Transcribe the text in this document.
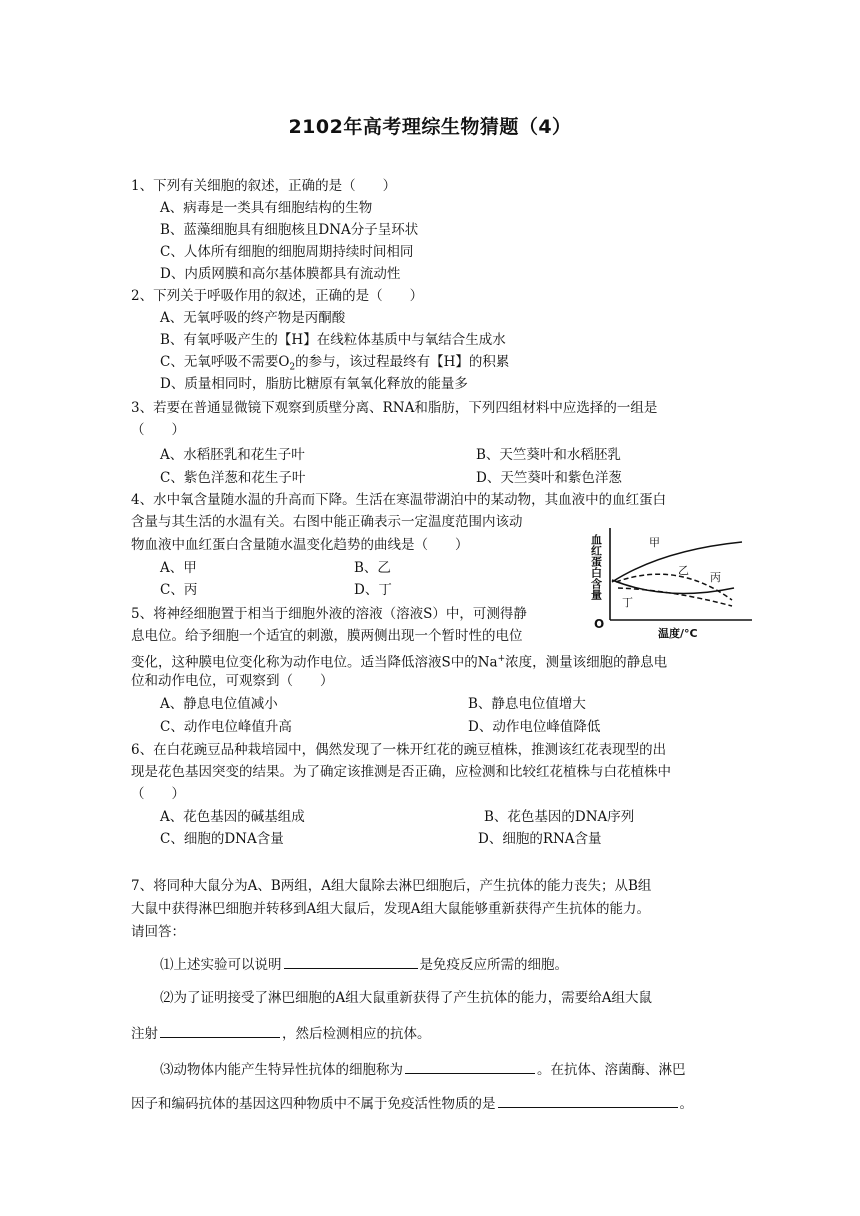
2102年高考理综生物猜题（4）
1、下列有关细胞的叙述，正确的是（　　）
A、病毒是一类具有细胞结构的生物
B、蓝藻细胞具有细胞核且DNA分子呈环状
C、人体所有细胞的细胞周期持续时间相同
D、内质网膜和高尔基体膜都具有流动性
2、下列关于呼吸作用的叙述，正确的是（　　）
A、无氧呼吸的终产物是丙酮酸
B、有氧呼吸产生的【H】在线粒体基质中与氧结合生成水
C、无氧呼吸不需要$O_2$的参与，该过程最终有【H】的积累
D、质量相同时，脂肪比糖原有氧氧化释放的能量多
3、若要在普通显微镜下观察到质壁分离、RNA和脂肪，下列四组材料中应选择的一组是
（　　）
A、水稻胚乳和花生子叶	B、天竺葵叶和水稻胚乳
C、紫色洋葱和花生子叶	D、天竺葵叶和紫色洋葱
4、水中氧含量随水温的升高而下降。生活在寒温带湖泊中的某动物，其血液中的血红蛋白
含量与其生活的水温有关。右图中能正确表示一定温度范围内该动
物血液中血红蛋白含量随水温变化趋势的曲线是（　　）
A、甲	B、乙
C、丙	D、丁	血红蛋白含量
O
温度/°C
甲
乙
丙
丁
5、将神经细胞置于相当于细胞外液的溶液（溶液S）中，可测得静
息电位。给予细胞一个适宜的刺激，膜两侧出现一个暂时性的电位
变化，这种膜电位变化称为动作电位。适当降低溶液S中的Na+浓度，测量该细胞的静息电
位和动作电位，可观察到（　　）
A、静息电位值减小	B、静息电位值增大
C、动作电位峰值升高	D、动作电位峰值降低
6、在白花豌豆品种栽培园中，偶然发现了一株开红花的豌豆植株，推测该红花表现型的出
现是花色基因突变的结果。为了确定该推测是否正确，应检测和比较红花植株与白花植株中
（　　）
A、花色基因的碱基组成	B、花色基因的DNA序列
C、细胞的DNA含量	D、细胞的RNA含量
7、将同种大鼠分为A、B两组，A组大鼠除去淋巴细胞后，产生抗体的能力丧失；从B组
大鼠中获得淋巴细胞并转移到A组大鼠后，发现A组大鼠能够重新获得产生抗体的能力。
请回答：
⑴上述实验可以说明	是免疫反应所需的细胞。
⑵为了证明接受了淋巴细胞的A组大鼠重新获得了产生抗体的能力，需要给A组大鼠
注射	，然后检测相应的抗体。
⑶动物体内能产生特异性抗体的细胞称为	。在抗体、溶菌酶、淋巴
因子和编码抗体的基因这四种物质中不属于免疫活性物质的是	。
